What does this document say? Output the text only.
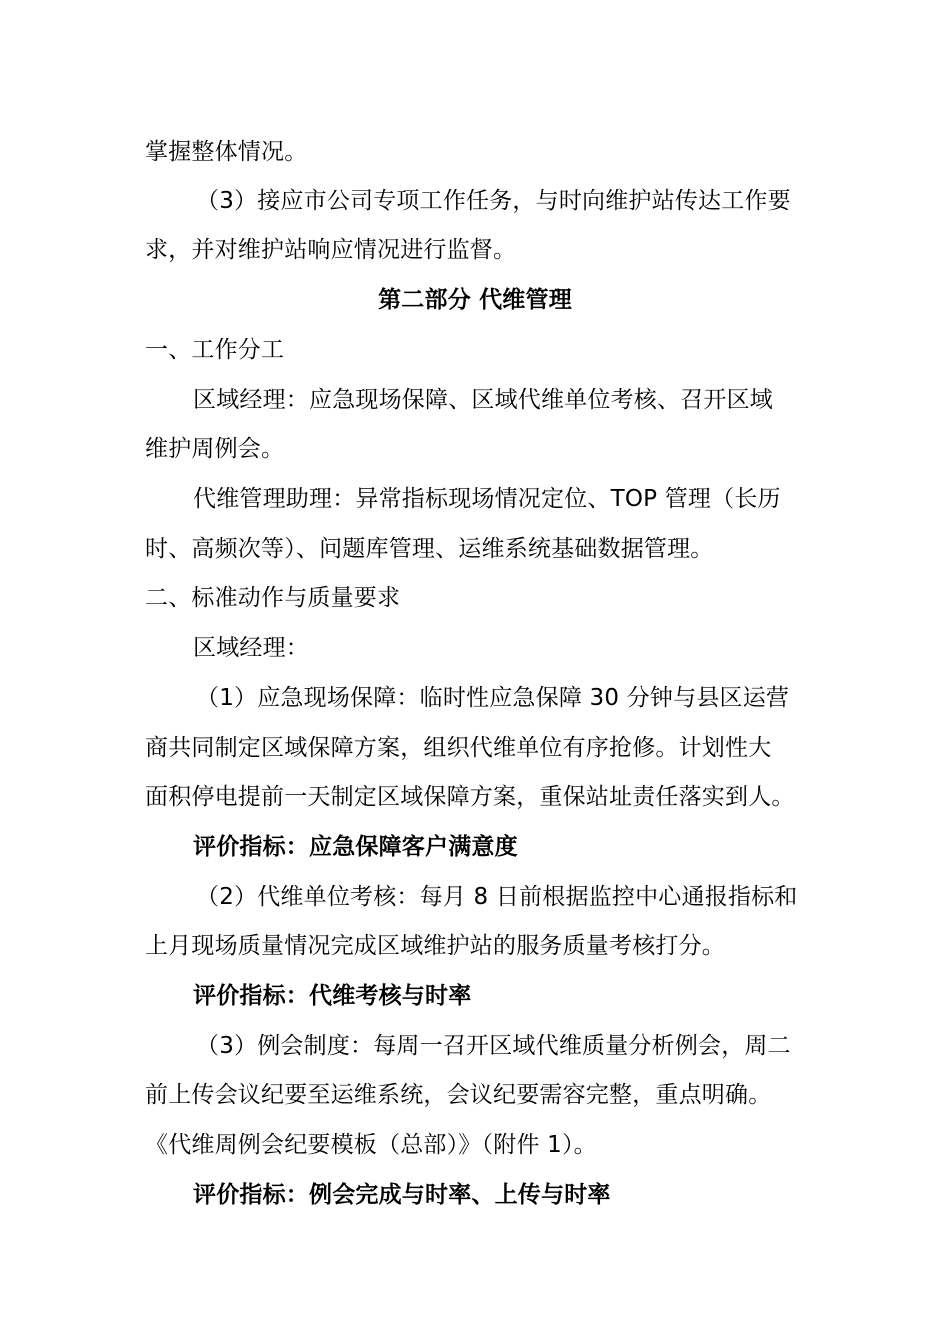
掌握整体情况。
（3）接应市公司专项工作任务，与时向维护站传达工作要
求，并对维护站响应情况进行监督。
第二部分 代维管理
一、工作分工
区域经理：应急现场保障、区域代维单位考核、召开区域
维护周例会。
代维管理助理：异常指标现场情况定位、TOP 管理（长历
时、高频次等）、问题库管理、运维系统基础数据管理。
二、标准动作与质量要求
区域经理：
（1）应急现场保障：临时性应急保障 30 分钟与县区运营
商共同制定区域保障方案，组织代维单位有序抢修。计划性大
面积停电提前一天制定区域保障方案，重保站址责任落实到人。
评价指标：应急保障客户满意度
（2）代维单位考核：每月 8 日前根据监控中心通报指标和
上月现场质量情况完成区域维护站的服务质量考核打分。
评价指标：代维考核与时率
（3）例会制度：每周一召开区域代维质量分析例会，周二
前上传会议纪要至运维系统，会议纪要需容完整，重点明确。
《代维周例会纪要模板（总部）》（附件 1）。
评价指标：例会完成与时率、上传与时率
